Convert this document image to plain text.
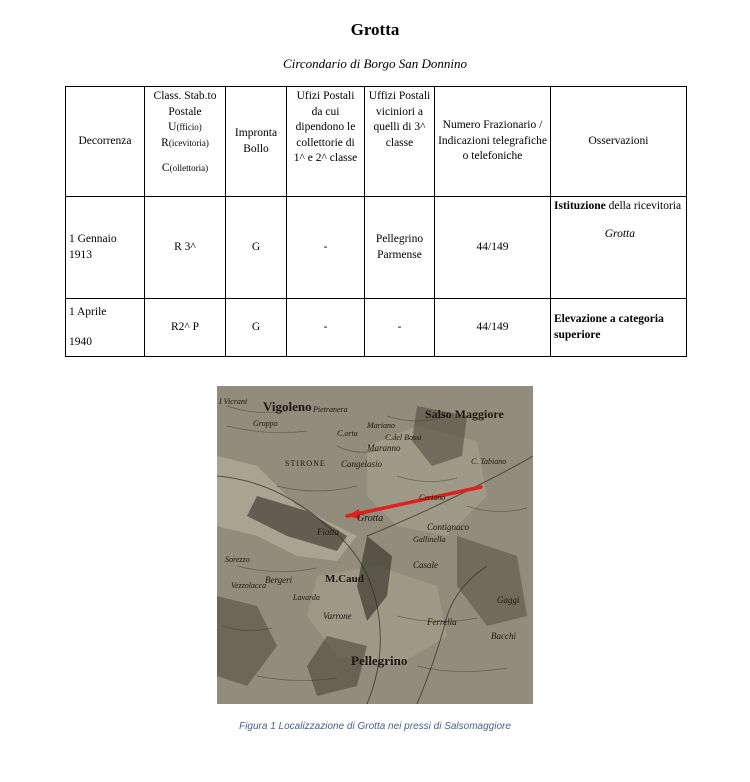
Grotta
Circondario di Borgo San Donnino
Decorrenza	Class. Stab.to Postale
U(fficio)
R(icevitoria)
C(ollettoria)	Impronta Bollo	Ufizi Postali da cui dipendono le collettorie di 1^ e 2^ classe	Uffizi Postali viciniori a quelli di 3^ classe	Numero Frazionario / Indicazioni telegrafiche o telefoniche	Osservazioni
1 Gennaio 1913	R 3^	G	-	Pellegrino Parmense	44/149	Istituzione della ricevitoria
Grotta

1 Aprile
1940	R2^ P	G	-	-	44/149	Elevazione a categoria superiore
Vigoleno	Salso Maggiore
Grotta
Pellegrino
M.Caud
Maranno
Cangelasio
Contignaco
Casale
Varrone
Bergeri
Fiatta
Ceriano
Lavarda
Vezzolacca
Ferrella
Bacchi
Gaggi
Groppo
Pietranera
C. Tabiano
Mariano
C.del Bossi
C.orta
I Vicrani
STIRONE
Gallinella
Sorezzo
Figura 1 Localizzazione di Grotta nei pressi di Salsomaggiore
